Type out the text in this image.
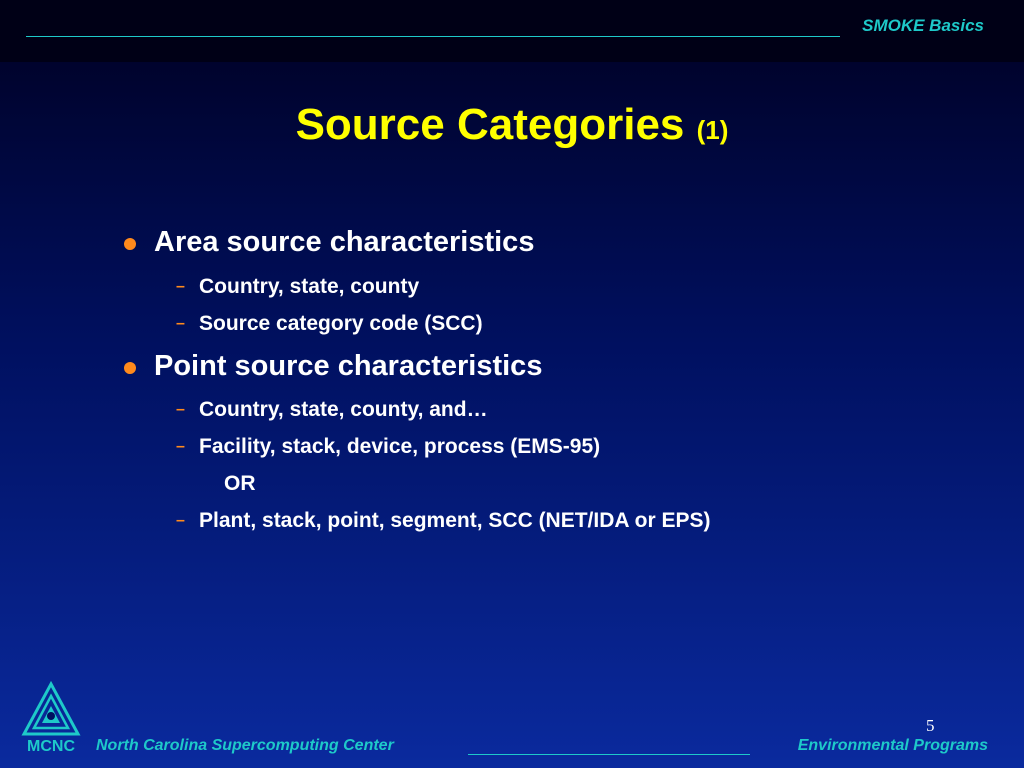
SMOKE Basics
Source Categories (1)
Area source characteristics
– Country, state, county
– Source category code (SCC)
Point source characteristics
– Country, state, county, and…
– Facility, stack, device, process (EMS-95)
OR
– Plant, stack, point, segment, SCC (NET/IDA or EPS)
5
MCNC	North Carolina Supercomputing Center	Environmental Programs
